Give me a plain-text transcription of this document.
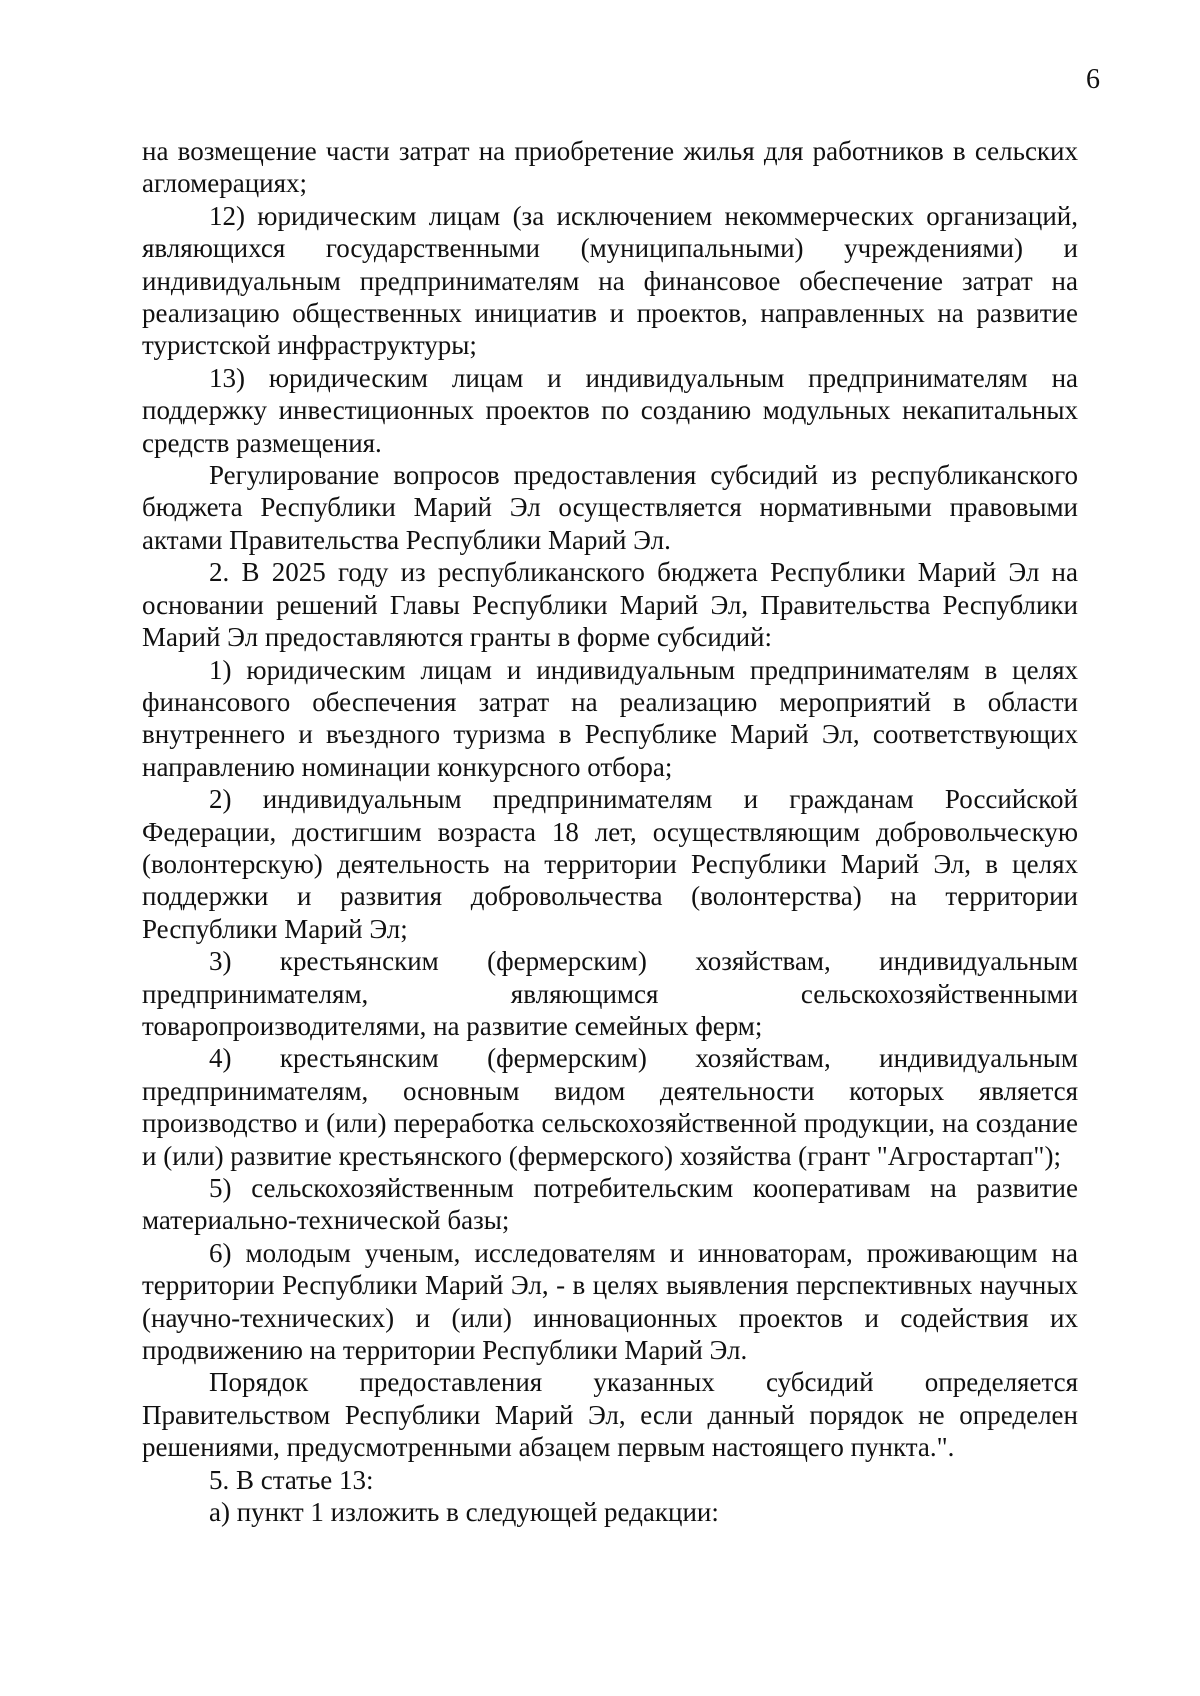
6

на возмещение части затрат на приобретение жилья для работников в сельских агломерациях;

12) юридическим лицам (за исключением некоммерческих организаций, являющихся государственными (муниципальными) учреждениями) и индивидуальным предпринимателям на финансовое обеспечение затрат на реализацию общественных инициатив и проектов, направленных на развитие туристской инфраструктуры;

13) юридическим лицам и индивидуальным предпринимателям на поддержку инвестиционных проектов по созданию модульных некапитальных средств размещения.

Регулирование вопросов предоставления субсидий из республиканского бюджета Республики Марий Эл осуществляется нормативными правовыми актами Правительства Республики Марий Эл.

2. В 2025 году из республиканского бюджета Республики Марий Эл на основании решений Главы Республики Марий Эл, Правительства Республики Марий Эл предоставляются гранты в форме субсидий:

1) юридическим лицам и индивидуальным предпринимателям в целях финансового обеспечения затрат на реализацию мероприятий в области внутреннего и въездного туризма в Республике Марий Эл, соответствующих направлению номинации конкурсного отбора;

2) индивидуальным предпринимателям и гражданам Российской Федерации, достигшим возраста 18 лет, осуществляющим добровольческую (волонтерскую) деятельность на территории Республики Марий Эл, в целях поддержки и развития добровольчества (волонтерства) на территории Республики Марий Эл;

3) крестьянским (фермерским) хозяйствам, индивидуальным предпринимателям, являющимся сельскохозяйственными товаропроизводителями, на развитие семейных ферм;

4) крестьянским (фермерским) хозяйствам, индивидуальным предпринимателям, основным видом деятельности которых является производство и (или) переработка сельскохозяйственной продукции, на создание и (или) развитие крестьянского (фермерского) хозяйства (грант "Агростартап");

5) сельскохозяйственным потребительским кооперативам на развитие материально-технической базы;

6) молодым ученым, исследователям и инноваторам, проживающим на территории Республики Марий Эл, - в целях выявления перспективных научных (научно-технических) и (или) инновационных проектов и содействия их продвижению на территории Республики Марий Эл.

Порядок предоставления указанных субсидий определяется Правительством Республики Марий Эл, если данный порядок не определен решениями, предусмотренными абзацем первым настоящего пункта.".

5. В статье 13:

а) пункт 1 изложить в следующей редакции:
